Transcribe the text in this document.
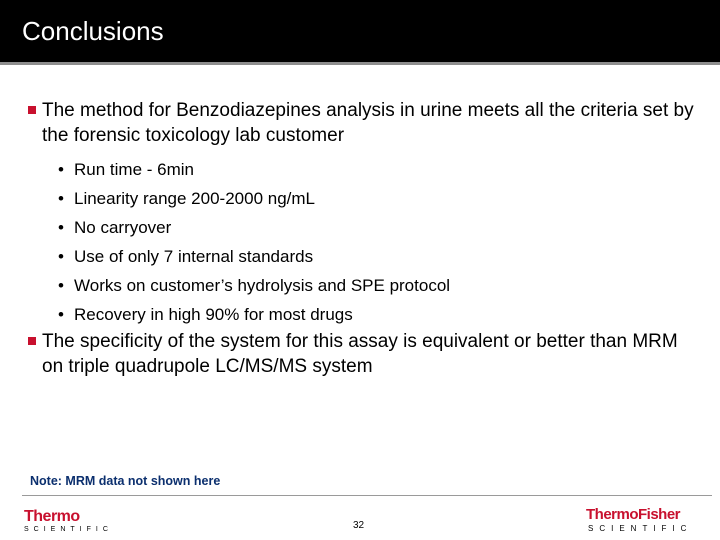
Conclusions
The method for Benzodiazepines analysis in urine meets all the criteria set by the forensic toxicology lab customer
• Run time - 6min
• Linearity range 200-2000 ng/mL
• No carryover
• Use of only 7 internal standards
• Works on customer’s hydrolysis and SPE protocol
• Recovery in high 90% for most drugs
The specificity of the system for this assay is equivalent or better than MRM on triple quadrupole LC/MS/MS system
Note: MRM data not shown here
Thermo
SCIENTIFIC	32
ThermoFisher
SCIENTIFIC
